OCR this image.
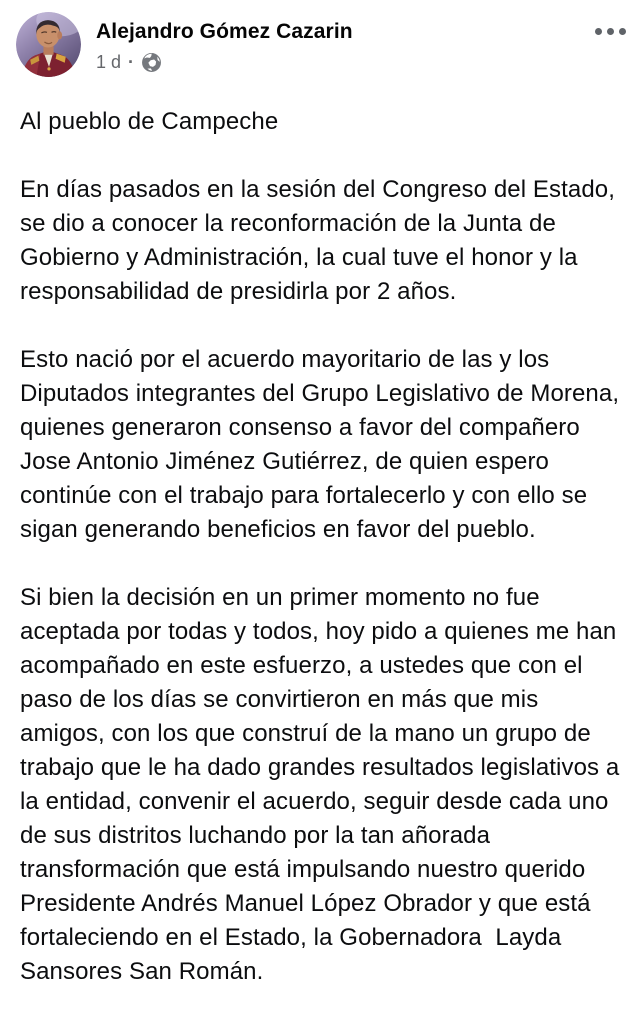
Alejandro Gómez Cazarin
1 d ·

Al pueblo de Campeche

En días pasados en la sesión del Congreso del Estado, se dio a conocer la reconformación de la Junta de Gobierno y Administración, la cual tuve el honor y la responsabilidad de presidirla por 2 años.

Esto nació por el acuerdo mayoritario de las y los Diputados integrantes del Grupo Legislativo de Morena, quienes generaron consenso a favor del compañero  Jose Antonio Jiménez Gutiérrez, de quien espero continúe con el trabajo para fortalecerlo y con ello se sigan generando beneficios en favor del pueblo.

Si bien la decisión en un primer momento no fue aceptada por todas y todos, hoy pido a quienes me han acompañado en este esfuerzo, a ustedes que con el paso de los días se convirtieron en más que mis amigos, con los que construí de la mano un grupo de trabajo que le ha dado grandes resultados legislativos a la entidad, convenir el acuerdo, seguir desde cada uno de sus distritos luchando por la tan añorada transformación que está impulsando nuestro querido Presidente Andrés Manuel López Obrador y que está fortaleciendo en el Estado, la Gobernadora  Layda Sansores San Román.
